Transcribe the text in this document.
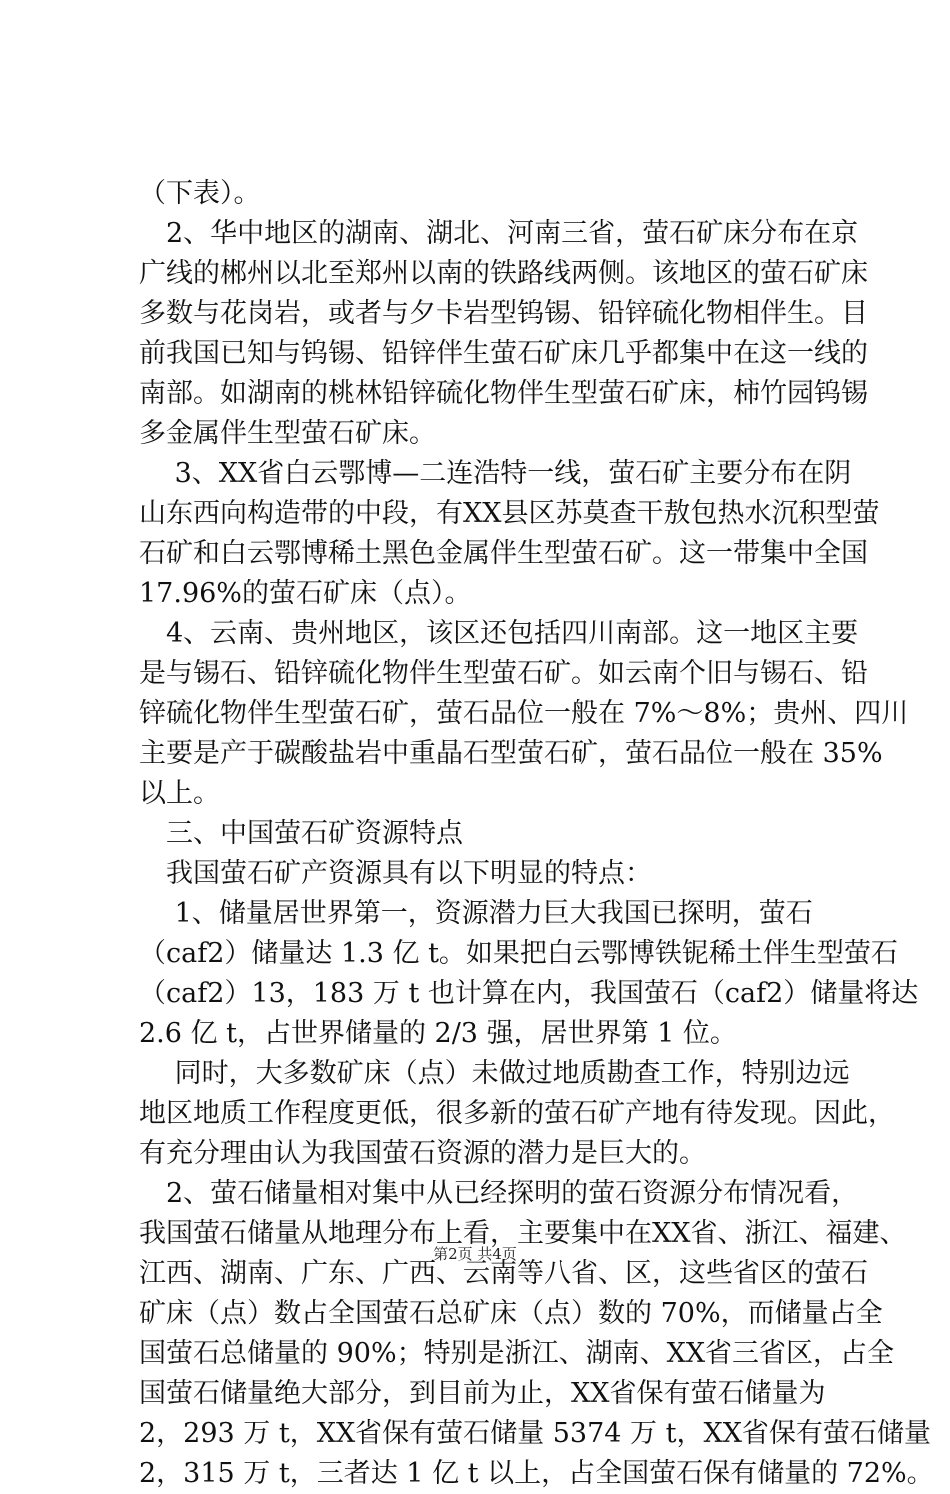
（下表）。
　2、华中地区的湖南、湖北、河南三省，萤石矿床分布在京
广线的郴州以北至郑州以南的铁路线两侧。该地区的萤石矿床
多数与花岗岩，或者与夕卡岩型钨锡、铅锌硫化物相伴生。目
前我国已知与钨锡、铅锌伴生萤石矿床几乎都集中在这一线的
南部。如湖南的桃林铅锌硫化物伴生型萤石矿床，柿竹园钨锡
多金属伴生型萤石矿床。
　 3、XX省白云鄂博—二连浩特一线，萤石矿主要分布在阴
山东西向构造带的中段，有XX县区苏莫查干敖包热水沉积型萤
石矿和白云鄂博稀土黑色金属伴生型萤石矿。这一带集中全国
17.96%的萤石矿床（点）。
　4、云南、贵州地区，该区还包括四川南部。这一地区主要
是与锡石、铅锌硫化物伴生型萤石矿。如云南个旧与锡石、铅
锌硫化物伴生型萤石矿，萤石品位一般在 7%～8%；贵州、四川
主要是产于碳酸盐岩中重晶石型萤石矿，萤石品位一般在 35%
以上。
　三、中国萤石矿资源特点
　我国萤石矿产资源具有以下明显的特点：
　 1、储量居世界第一，资源潜力巨大我国已探明，萤石
（caf2）储量达 1.3 亿 t。如果把白云鄂博铁铌稀土伴生型萤石
（caf2）13，183 万 t 也计算在内，我国萤石（caf2）储量将达
2.6 亿 t，占世界储量的 2/3 强，居世界第 1 位。
　 同时，大多数矿床（点）未做过地质勘查工作，特别边远
地区地质工作程度更低，很多新的萤石矿产地有待发现。因此，
有充分理由认为我国萤石资源的潜力是巨大的。
　2、萤石储量相对集中从已经探明的萤石资源分布情况看，
我国萤石储量从地理分布上看，主要集中在XX省、浙江、福建、
江西、湖南、广东、广西、云南等八省、区，这些省区的萤石
矿床（点）数占全国萤石总矿床（点）数的 70%，而储量占全
国萤石总储量的 90%；特别是浙江、湖南、XX省三省区，占全
国萤石储量绝大部分，到目前为止，XX省保有萤石储量为
2，293 万 t，XX省保有萤石储量 5374 万 t，XX省保有萤石储量
2，315 万 t，三者达 1 亿 t 以上，占全国萤石保有储量的 72%。
第2页 共4页
